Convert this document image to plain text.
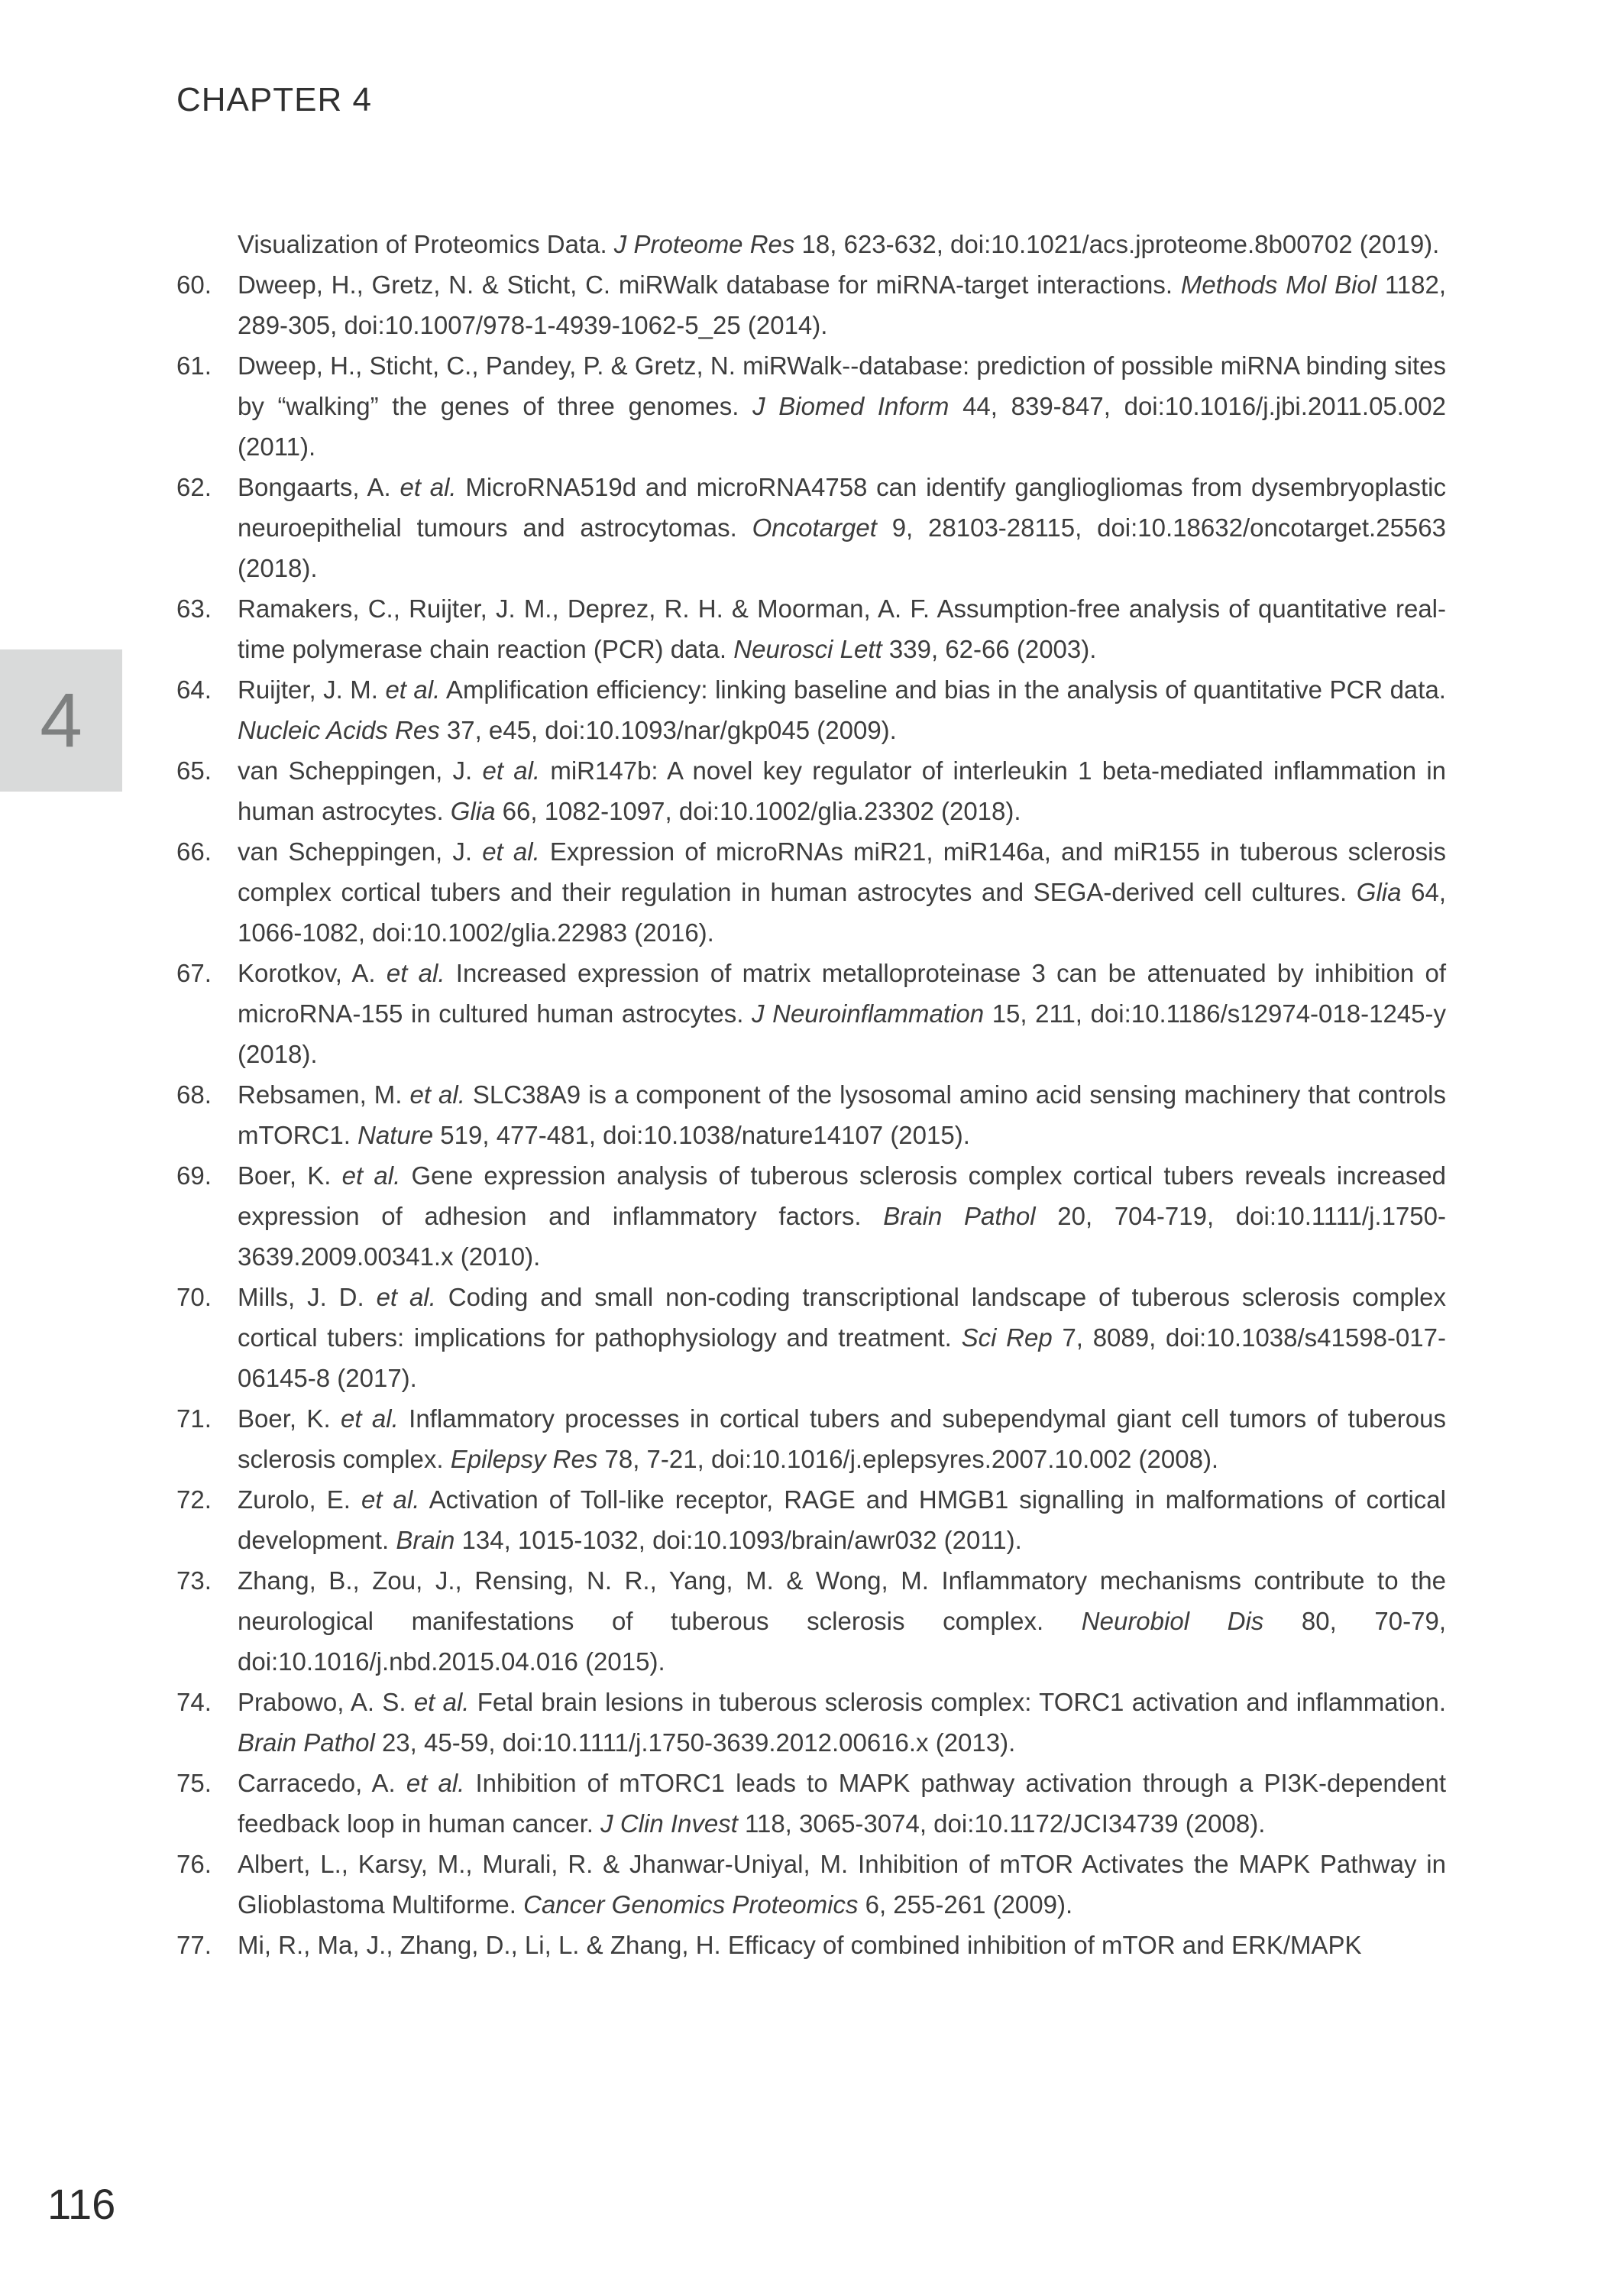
CHAPTER 4
4
Visualization of Proteomics Data. J Proteome Res 18, 623-632, doi:10.1021/acs.jproteome.8b00702 (2019).
60.	Dweep, H., Gretz, N. & Sticht, C. miRWalk database for miRNA-target interactions. Methods Mol Biol 1182, 289-305, doi:10.1007/978-1-4939-1062-5_25 (2014).
61.	Dweep, H., Sticht, C., Pandey, P. & Gretz, N. miRWalk--database: prediction of possible miRNA binding sites by “walking” the genes of three genomes. J Biomed Inform 44, 839-847, doi:10.1016/j.jbi.2011.05.002 (2011).
62.	Bongaarts, A. et al. MicroRNA519d and microRNA4758 can identify gangliogliomas from dysembryoplastic neuroepithelial tumours and astrocytomas. Oncotarget 9, 28103-28115, doi:10.18632/oncotarget.25563 (2018).
63.	Ramakers, C., Ruijter, J. M., Deprez, R. H. & Moorman, A. F. Assumption-free analysis of quantitative real-time polymerase chain reaction (PCR) data. Neurosci Lett 339, 62-66 (2003).
64.	Ruijter, J. M. et al. Amplification efficiency: linking baseline and bias in the analysis of quantitative PCR data. Nucleic Acids Res 37, e45, doi:10.1093/nar/gkp045 (2009).
65.	van Scheppingen, J. et al. miR147b: A novel key regulator of interleukin 1 beta-mediated inflammation in human astrocytes. Glia 66, 1082-1097, doi:10.1002/glia.23302 (2018).
66.	van Scheppingen, J. et al. Expression of microRNAs miR21, miR146a, and miR155 in tuberous sclerosis complex cortical tubers and their regulation in human astrocytes and SEGA-derived cell cultures. Glia 64, 1066-1082, doi:10.1002/glia.22983 (2016).
67.	Korotkov, A. et al. Increased expression of matrix metalloproteinase 3 can be attenuated by inhibition of microRNA-155 in cultured human astrocytes. J Neuroinflammation 15, 211, doi:10.1186/s12974-018-1245-y (2018).
68.	Rebsamen, M. et al. SLC38A9 is a component of the lysosomal amino acid sensing machinery that controls mTORC1. Nature 519, 477-481, doi:10.1038/nature14107 (2015).
69.	Boer, K. et al. Gene expression analysis of tuberous sclerosis complex cortical tubers reveals increased expression of adhesion and inflammatory factors. Brain Pathol 20, 704-719, doi:10.1111/j.1750-3639.2009.00341.x (2010).
70.	Mills, J. D. et al. Coding and small non-coding transcriptional landscape of tuberous sclerosis complex cortical tubers: implications for pathophysiology and treatment. Sci Rep 7, 8089, doi:10.1038/s41598-017-06145-8 (2017).
71.	Boer, K. et al. Inflammatory processes in cortical tubers and subependymal giant cell tumors of tuberous sclerosis complex. Epilepsy Res 78, 7-21, doi:10.1016/j.eplepsyres.2007.10.002 (2008).
72.	Zurolo, E. et al. Activation of Toll-like receptor, RAGE and HMGB1 signalling in malformations of cortical development. Brain 134, 1015-1032, doi:10.1093/brain/awr032 (2011).
73.	Zhang, B., Zou, J., Rensing, N. R., Yang, M. & Wong, M. Inflammatory mechanisms contribute to the neurological manifestations of tuberous sclerosis complex. Neurobiol Dis 80, 70-79, doi:10.1016/j.nbd.2015.04.016 (2015).
74.	Prabowo, A. S. et al. Fetal brain lesions in tuberous sclerosis complex: TORC1 activation and inflammation. Brain Pathol 23, 45-59, doi:10.1111/j.1750-3639.2012.00616.x (2013).
75.	Carracedo, A. et al. Inhibition of mTORC1 leads to MAPK pathway activation through a PI3K-dependent feedback loop in human cancer. J Clin Invest 118, 3065-3074, doi:10.1172/JCI34739 (2008).
76.	Albert, L., Karsy, M., Murali, R. & Jhanwar-Uniyal, M. Inhibition of mTOR Activates the MAPK Pathway in Glioblastoma Multiforme. Cancer Genomics Proteomics 6, 255-261 (2009).
77.	Mi, R., Ma, J., Zhang, D., Li, L. & Zhang, H. Efficacy of combined inhibition of mTOR and ERK/MAPK
116
